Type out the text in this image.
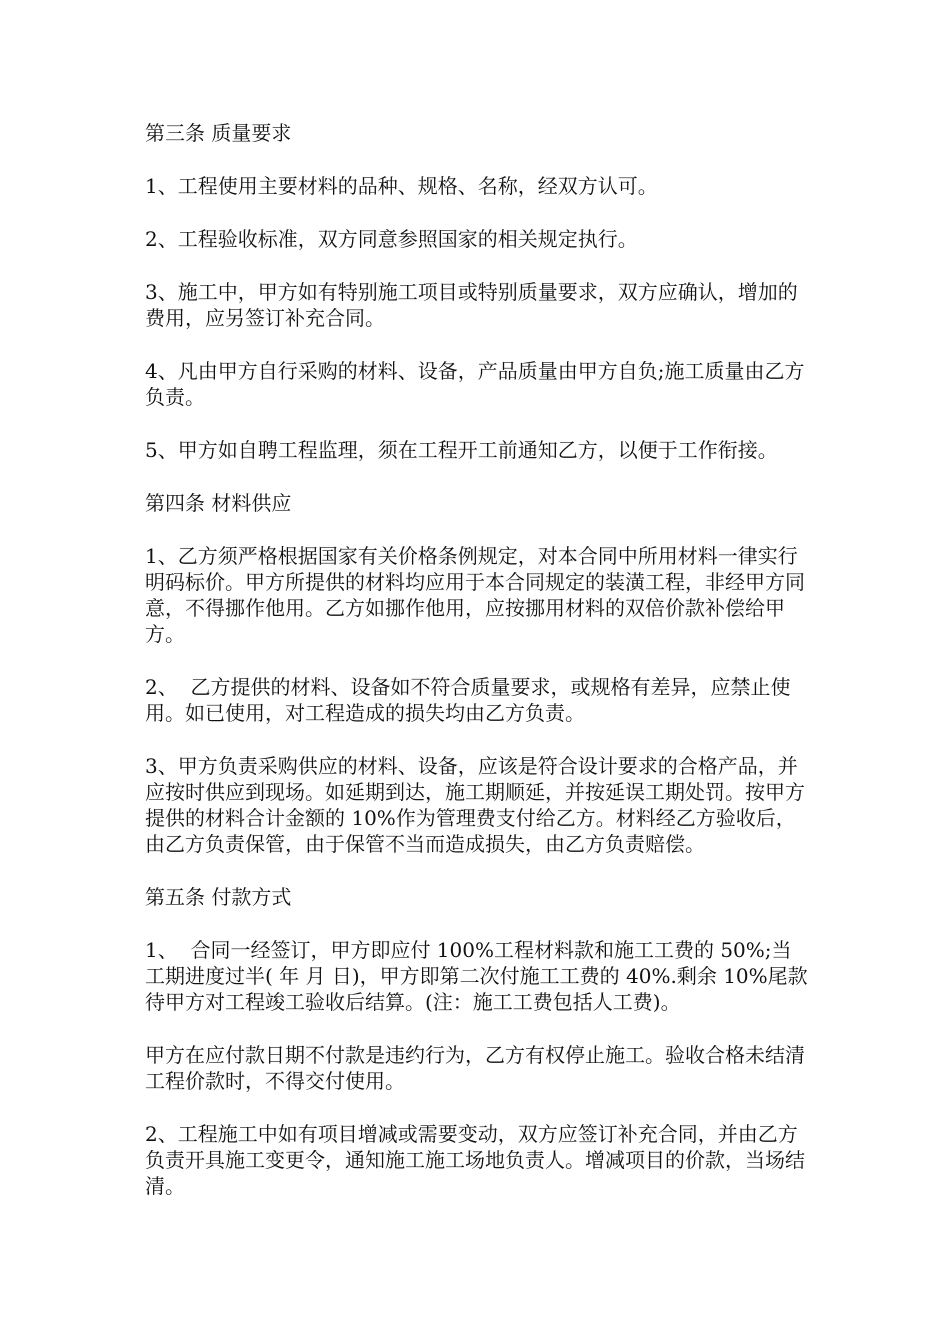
第三条 质量要求

1、工程使用主要材料的品种、规格、名称，经双方认可。

2、工程验收标准，双方同意参照国家的相关规定执行。

3、施工中，甲方如有特别施工项目或特别质量要求，双方应确认，增加的费用，应另签订补充合同。

4、凡由甲方自行采购的材料、设备，产品质量由甲方自负;施工质量由乙方负责。

5、甲方如自聘工程监理，须在工程开工前通知乙方，以便于工作衔接。

第四条 材料供应

1、乙方须严格根据国家有关价格条例规定，对本合同中所用材料一律实行明码标价。甲方所提供的材料均应用于本合同规定的装潢工程，非经甲方同意，不得挪作他用。乙方如挪作他用，应按挪用材料的双倍价款补偿给甲方。

2、  乙方提供的材料、设备如不符合质量要求，或规格有差异，应禁止使用。如已使用，对工程造成的损失均由乙方负责。

3、甲方负责采购供应的材料、设备，应该是符合设计要求的合格产品，并应按时供应到现场。如延期到达，施工期顺延，并按延误工期处罚。按甲方提供的材料合计金额的 10%作为管理费支付给乙方。材料经乙方验收后，由乙方负责保管，由于保管不当而造成损失，由乙方负责赔偿。

第五条 付款方式

1、  合同一经签订，甲方即应付 100%工程材料款和施工工费的 50%;当工期进度过半( 年 月 日)，甲方即第二次付施工工费的 40%.剩余 10%尾款待甲方对工程竣工验收后结算。(注：施工工费包括人工费)。

甲方在应付款日期不付款是违约行为，乙方有权停止施工。验收合格未结清工程价款时，不得交付使用。

2、工程施工中如有项目增减或需要变动，双方应签订补充合同，并由乙方负责开具施工变更令，通知施工施工场地负责人。增减项目的价款，当场结清。
